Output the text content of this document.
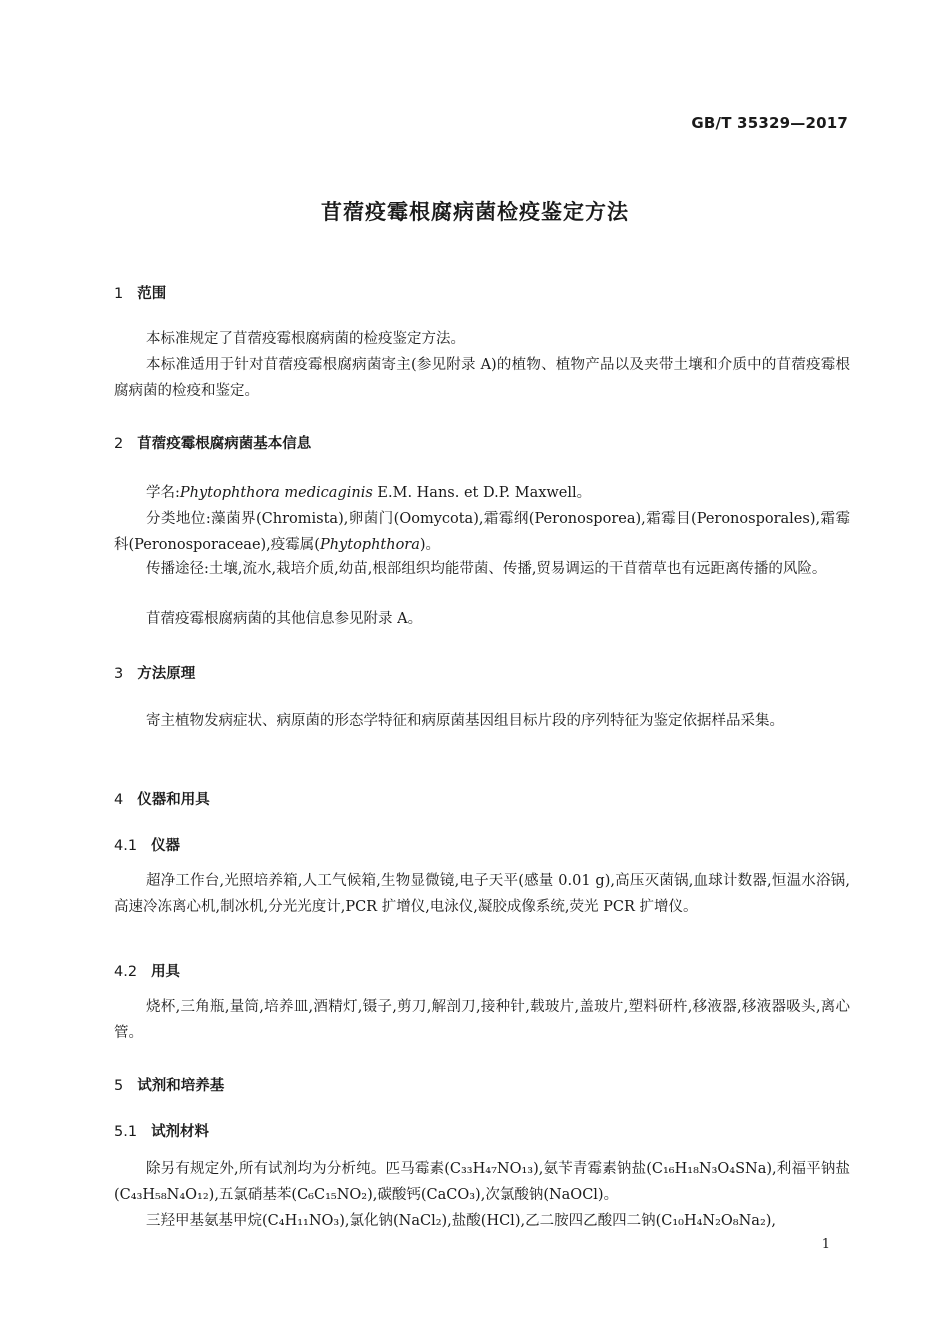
GB/T 35329—2017
苜蓿疫霉根腐病菌检疫鉴定方法
1 范围
本标准规定了苜蓿疫霉根腐病菌的检疫鉴定方法。
本标准适用于针对苜蓿疫霉根腐病菌寄主(参见附录 A)的植物、植物产品以及夹带土壤和介质中的苜蓿疫霉根腐病菌的检疫和鉴定。
2 苜蓿疫霉根腐病菌基本信息
学名:Phytophthora medicaginis E.M. Hans. et D.P. Maxwell。
分类地位:藻菌界(Chromista),卵菌门(Oomycota),霜霉纲(Peronosporea),霜霉目(Peronosporales),霜霉科(Peronosporaceae),疫霉属(Phytophthora)。
传播途径:土壤,流水,栽培介质,幼苗,根部组织均能带菌、传播,贸易调运的干苜蓿草也有远距离传播的风险。
苜蓿疫霉根腐病菌的其他信息参见附录 A。
3 方法原理
寄主植物发病症状、病原菌的形态学特征和病原菌基因组目标片段的序列特征为鉴定依据样品采集。
4 仪器和用具
4.1 仪器
超净工作台,光照培养箱,人工气候箱,生物显微镜,电子天平(感量 0.01 g),高压灭菌锅,血球计数器,恒温水浴锅,高速冷冻离心机,制冰机,分光光度计,PCR 扩增仪,电泳仪,凝胶成像系统,荧光 PCR 扩增仪。
4.2 用具
烧杯,三角瓶,量筒,培养皿,酒精灯,镊子,剪刀,解剖刀,接种针,载玻片,盖玻片,塑料研杵,移液器,移液器吸头,离心管。
5 试剂和培养基
5.1 试剂材料
除另有规定外,所有试剂均为分析纯。匹马霉素(C₃₃H₄₇NO₁₃),氨苄青霉素钠盐(C₁₆H₁₈N₃O₄SNa),利福平钠盐(C₄₃H₅₈N₄O₁₂),五氯硝基苯(C₆C₁₅NO₂),碳酸钙(CaCO₃),次氯酸钠(NaOCl)。
三羟甲基氨基甲烷(C₄H₁₁NO₃),氯化钠(NaCl₂),盐酸(HCl),乙二胺四乙酸四二钠(C₁₀H₄N₂O₈Na₂),
1
